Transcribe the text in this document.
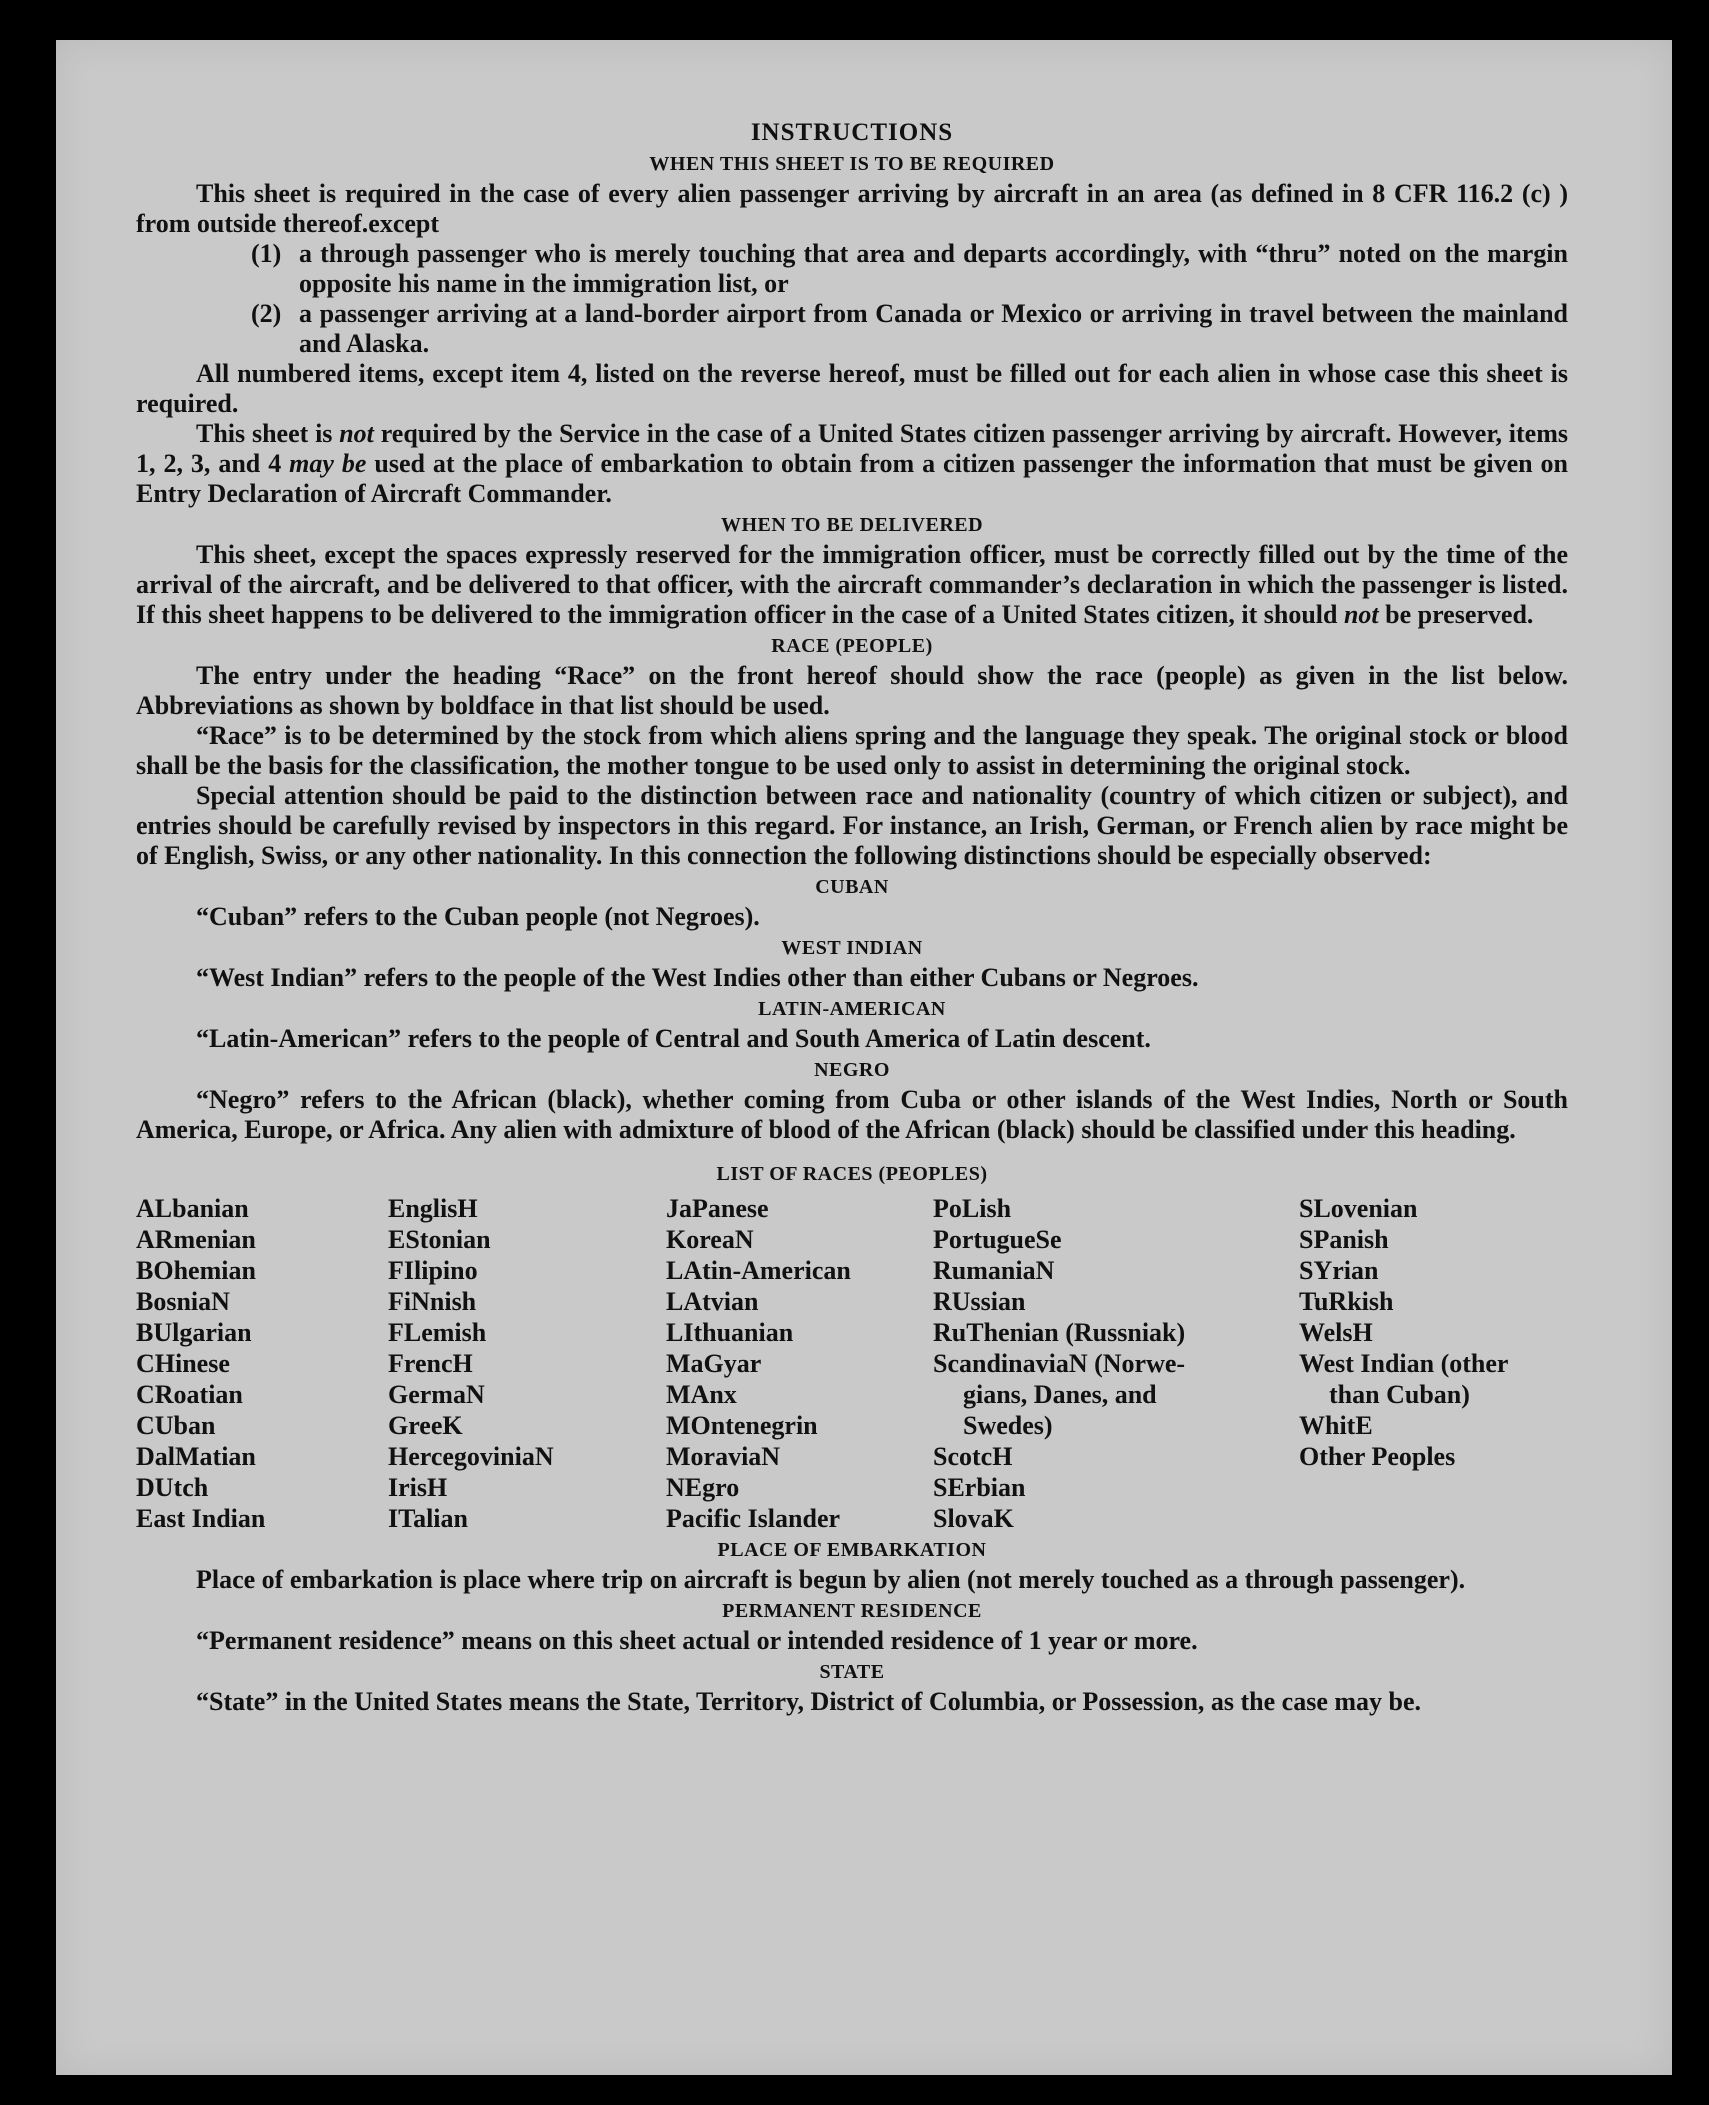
INSTRUCTIONS
WHEN THIS SHEET IS TO BE REQUIRED

This sheet is required in the case of every alien passenger arriving by aircraft in an area (as defined in 8 CFR 116.2 (c) ) from outside thereof.except

(1) a through passenger who is merely touching that area and departs accordingly, with “thru” noted on the margin opposite his name in the immigration list, or

(2) a passenger arriving at a land-border airport from Canada or Mexico or arriving in travel between the mainland and Alaska.

All numbered items, except item 4, listed on the reverse hereof, must be filled out for each alien in whose case this sheet is required.

This sheet is not required by the Service in the case of a United States citizen passenger arriving by aircraft. However, items 1, 2, 3, and 4 may be used at the place of embarkation to obtain from a citizen passenger the information that must be given on Entry Declaration of Aircraft Commander.

WHEN TO BE DELIVERED

This sheet, except the spaces expressly reserved for the immigration officer, must be correctly filled out by the time of the arrival of the aircraft, and be delivered to that officer, with the aircraft commander’s declaration in which the passenger is listed. If this sheet happens to be delivered to the immigration officer in the case of a United States citizen, it should not be preserved.

RACE (PEOPLE)

The entry under the heading “Race” on the front hereof should show the race (people) as given in the list below. Abbreviations as shown by boldface in that list should be used.

“Race” is to be determined by the stock from which aliens spring and the language they speak. The original stock or blood shall be the basis for the classification, the mother tongue to be used only to assist in determining the original stock.

Special attention should be paid to the distinction between race and nationality (country of which citizen or subject), and entries should be carefully revised by inspectors in this regard. For instance, an Irish, German, or French alien by race might be of English, Swiss, or any other nationality. In this connection the following distinctions should be especially observed:

CUBAN

“Cuban” refers to the Cuban people (not Negroes).

WEST INDIAN

“West Indian” refers to the people of the West Indies other than either Cubans or Negroes.

LATIN-AMERICAN

“Latin-American” refers to the people of Central and South America of Latin descent.

NEGRO

“Negro” refers to the African (black), whether coming from Cuba or other islands of the West Indies, North or South America, Europe, or Africa. Any alien with admixture of blood of the African (black) should be classified under this heading.

LIST OF RACES (PEOPLES)
ALbanian
ARmenian
BOhemian
BosniaN
BUlgarian
CHinese
CRoatian
CUban
DalMatian
DUtch
East Indian
EnglisH
EStonian
FIlipino
FiNnish
FLemish
FrencH
GermaN
GreeK
HercegoviniaN
IrisH
ITalian
JaPanese
KoreaN
LAtin-American
LAtvian
LIthuanian
MaGyar
MAnx
MOntenegrin
MoraviaN
NEgro
Pacific Islander
PoLish
PortugueSe
RumaniaN
RUssian
RuThenian (Russniak)
ScandinaviaN (Norwe-
gians, Danes, and
Swedes)
ScotcH
SErbian
SlovaK
SLovenian
SPanish
SYrian
TuRkish
WelsH
West Indian (other
than Cuban)
WhitE
Other Peoples
PLACE OF EMBARKATION

Place of embarkation is place where trip on aircraft is begun by alien (not merely touched as a through passenger).

PERMANENT RESIDENCE

“Permanent residence” means on this sheet actual or intended residence of 1 year or more.

STATE

“State” in the United States means the State, Territory, District of Columbia, or Possession, as the case may be.
